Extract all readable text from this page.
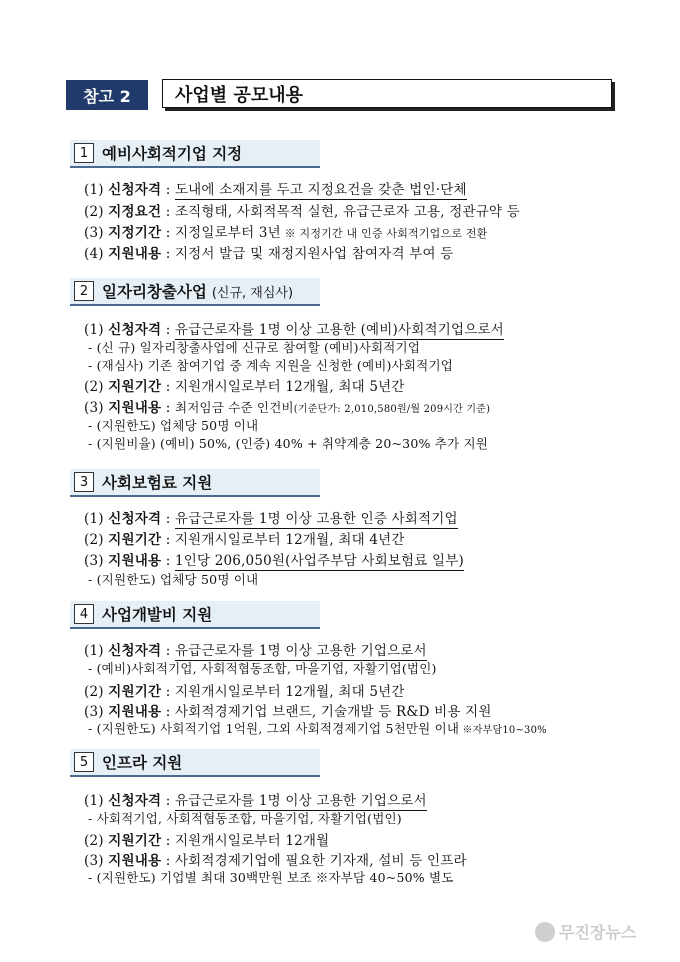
참고 2	사업별 공모내용
1 예비사회적기업 지정
(1) 신청자격 : 도내에 소재지를 두고 지정요건을 갖춘 법인·단체
(2) 지정요건 : 조직형태, 사회적목적 실현, 유급근로자 고용, 정관규약 등
(3) 지정기간 : 지정일로부터 3년 ※ 지정기간 내 인증 사회적기업으로 전환
(4) 지원내용 : 지정서 발급 및 재정지원사업 참여자격 부여 등
2 일자리창출사업 (신규, 재심사)
(1) 신청자격 : 유급근로자를 1명 이상 고용한 (예비)사회적기업으로서
- (신 규) 일자리창출사업에 신규로 참여할 (예비)사회적기업
- (재심사) 기존 참여기업 중 계속 지원을 신청한 (예비)사회적기업
(2) 지원기간 : 지원개시일로부터 12개월, 최대 5년간
(3) 지원내용 : 최저임금 수준 인건비(기준단가: 2,010,580원/월 209시간 기준)
- (지원한도) 업체당 50명 이내
- (지원비율) (예비) 50%, (인증) 40% + 취약계층 20~30% 추가 지원
3 사회보험료 지원
(1) 신청자격 : 유급근로자를 1명 이상 고용한 인증 사회적기업
(2) 지원기간 : 지원개시일로부터 12개월, 최대 4년간
(3) 지원내용 : 1인당 206,050원(사업주부담 사회보험료 일부)
- (지원한도) 업체당 50명 이내
4 사업개발비 지원
(1) 신청자격 : 유급근로자를 1명 이상 고용한 기업으로서
- (예비)사회적기업, 사회적협동조합, 마을기업, 자활기업(법인)
(2) 지원기간 : 지원개시일로부터 12개월, 최대 5년간
(3) 지원내용 : 사회적경제기업 브랜드, 기술개발 등 R&D 비용 지원
- (지원한도) 사회적기업 1억원, 그외 사회적경제기업 5천만원 이내 ※자부담10~30%
5 인프라 지원
(1) 신청자격 : 유급근로자를 1명 이상 고용한 기업으로서
- 사회적기업, 사회적협동조합, 마을기업, 자활기업(법인)
(2) 지원기간 : 지원개시일로부터 12개월
(3) 지원내용 : 사회적경제기업에 필요한 기자재, 설비 등 인프라
- (지원한도) 기업별 최대 30백만원 보조 ※자부담 40~50% 별도
무진장뉴스
